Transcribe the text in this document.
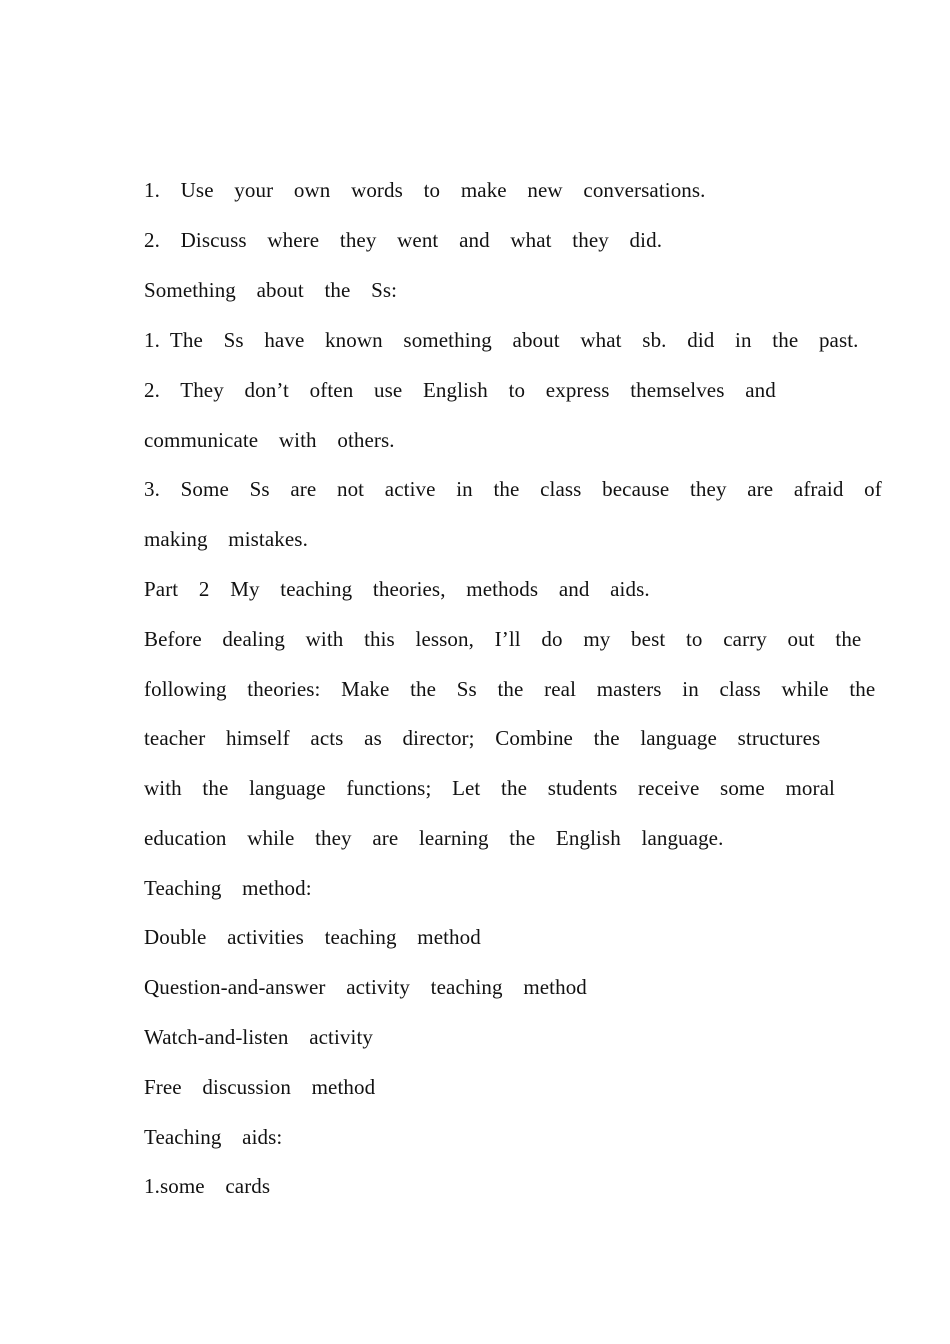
1.  Use  your  own  words  to  make  new  conversations.
2.  Discuss  where  they  went  and  what  they  did.
Something  about  the  Ss:
1. The  Ss  have  known  something  about  what  sb.  did  in  the  past.
2.  They  don’t  often  use  English  to  express  themselves  and
communicate  with  others.
3.  Some  Ss  are  not  active  in  the  class  because  they  are  afraid  of
making  mistakes.
Part  2  My  teaching  theories,  methods  and  aids.
Before  dealing  with  this  lesson,  I’ll  do  my  best  to  carry  out  the
following  theories:  Make  the  Ss  the  real  masters  in  class  while  the
teacher  himself  acts  as  director;  Combine  the  language  structures
with  the  language  functions;  Let  the  students  receive  some  moral
education  while  they  are  learning  the  English  language.
Teaching  method:
Double  activities  teaching  method
Question-and-answer  activity  teaching  method
Watch-and-listen  activity
Free  discussion  method
Teaching  aids:
1.some  cards
